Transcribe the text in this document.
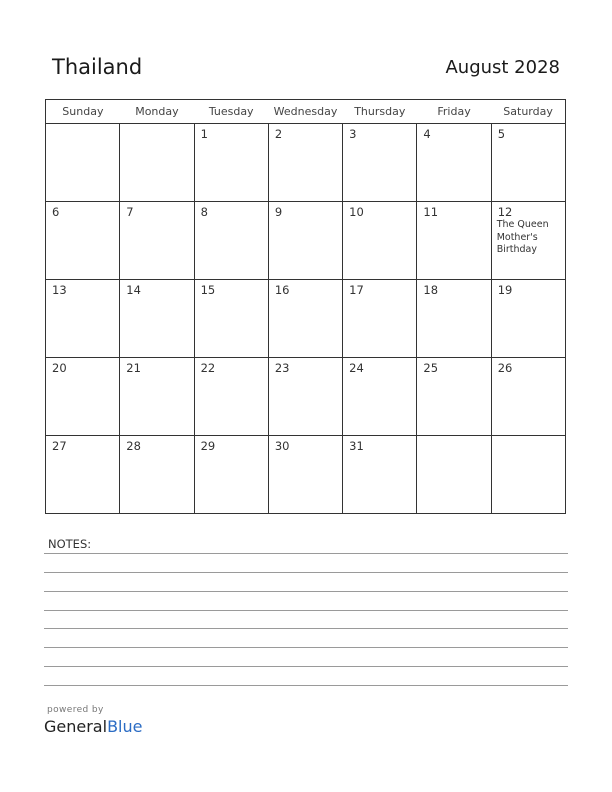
Thailand	August 2028
Sunday	Monday	Tuesday	Wednesday	Thursday	Friday	Saturday

		1	2	3	4	5

6	7	8	9	10	11	12
The Queen
Mother's
Birthday

13	14	15	16	17	18	19

20	21	22	23	24	25	26

27	28	29	30	31		

NOTES:
powered by
GeneralBlue
